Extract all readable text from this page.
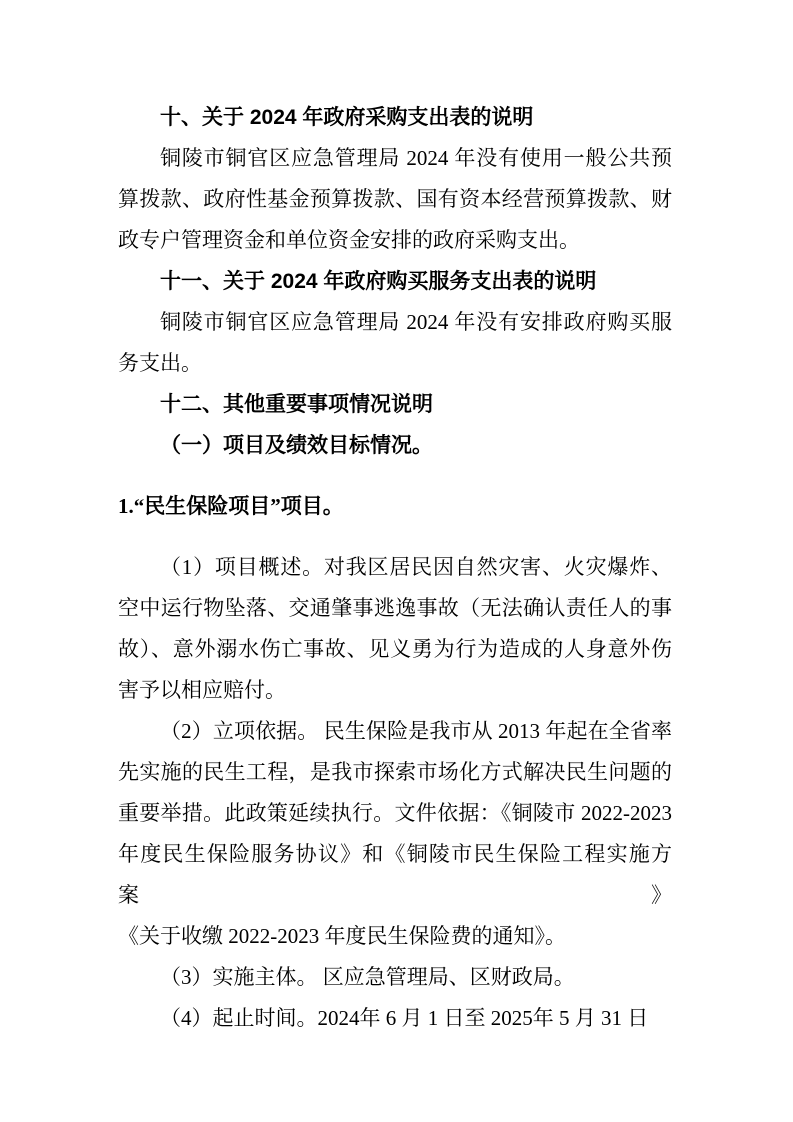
十、关于 2024 年政府采购支出表的说明
铜陵市铜官区应急管理局 2024 年没有使用一般公共预
算拨款、政府性基金预算拨款、国有资本经营预算拨款、财
政专户管理资金和单位资金安排的政府采购支出。
十一、关于 2024 年政府购买服务支出表的说明
铜陵市铜官区应急管理局 2024 年没有安排政府购买服
务支出。
十二、其他重要事项情况说明
（一）项目及绩效目标情况。
1.“民生保险项目”项目。
（1）项目概述。对我区居民因自然灾害、火灾爆炸、
空中运行物坠落、交通肇事逃逸事故（无法确认责任人的事
故）、意外溺水伤亡事故、见义勇为行为造成的人身意外伤
害予以相应赔付。
（2）立项依据。 民生保险是我市从 2013 年起在全省率
先实施的民生工程，是我市探索市场化方式解决民生问题的
重要举措。此政策延续执行。文件依据：《铜陵市 2022-2023
年度民生保险服务协议》和《铜陵市民生保险工程实施方案》
《关于收缴 2022-2023 年度民生保险费的通知》。
（3）实施主体。 区应急管理局、区财政局。
（4）起止时间。2024年 6 月 1 日至 2025年 5 月 31 日
